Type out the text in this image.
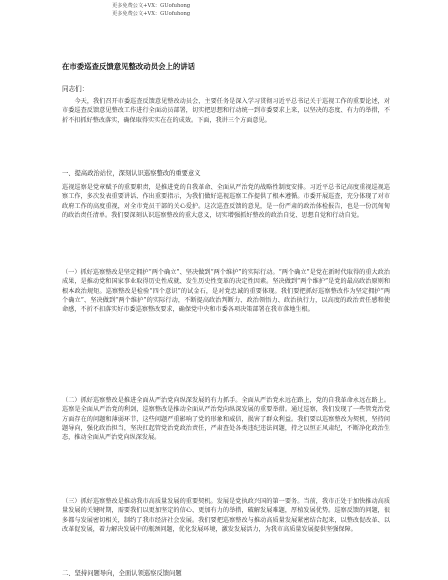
更多免费公文+VX：GUofuhong
更多免费公文+VX：GUofuhong
在市委巡查反馈意见整改动员会上的讲话
同志们：
今天，我们召开市委巡查反馈意见整改动员会，主要任务是深入学习贯彻习近平总书记关于巡视工作的重要论述，对市委巡查反馈意见整改工作进行全面动员部署，切实把思想和行动统一到市委要求上来，以坚决的态度、有力的举措，不折不扣抓好整改落实，确保取得实实在在的成效。下面，我讲三个方面意见。
一、提高政治站位，深刻认识巡察整改的重要意义
巡视巡察是党章赋予的重要职责，是推进党的自我革命、全面从严治党的战略性制度安排。习近平总书记高度重视巡视巡察工作，多次发表重要讲话、作出重要指示，为我们做好巡视巡察工作提供了根本遵循。市委开展巡查，充分体现了对市政府工作的高度重视，对全市党员干部的关心爱护。这次巡查反馈的意见，是一份严肃的政治体检报告，也是一份沉甸甸的政治责任清单。我们要深刻认识巡察整改的重大意义，切实增强抓好整改的政治自觉、思想自觉和行动自觉。
（一）抓好巡察整改是坚定拥护“两个确立”、坚决做到“两个维护”的实际行动。“两个确立”是党在新时代取得的重大政治成果，是推动党和国家事业取得历史性成就、发生历史性变革的决定性因素。坚决做到“两个维护”是党的最高政治原则和根本政治规矩。巡察整改是检验“四个意识”的试金石，是对党忠诚的重要体现。我们要把抓好巡察整改作为坚定拥护“两个确立”、坚决做到“两个维护”的实际行动，不断提高政治判断力、政治领悟力、政治执行力，以高度的政治责任感和使命感，不折不扣落实好市委巡察整改要求，确保党中央和市委各项决策部署在我市落地生根。
（二）抓好巡察整改是推进全面从严治党向纵深发展的有力抓手。全面从严治党永远在路上，党的自我革命永远在路上。巡察是全面从严治党的利剑，巡察整改是推动全面从严治党向纵深发展的重要举措。通过巡察，我们发现了一些管党治党方面存在的问题和薄弱环节，这些问题严重影响了党的形象和威信，损害了群众利益。我们要以巡察整改为契机，坚持问题导向，强化政治担当，坚决扛起管党治党政治责任，严肃查处各类违纪违法问题，持之以恒正风肃纪，不断净化政治生态，推动全面从严治党向纵深发展。
（三）抓好巡察整改是推动我市高质量发展的重要契机。发展是党执政兴国的第一要务。当前，我市正处于加快推动高质量发展的关键时期，需要我们以更加坚定的信心、更加有力的举措，破解发展难题，厚植发展优势。巡察反馈的问题，很多都与发展密切相关，制约了我市经济社会发展。我们要把巡察整改与推动高质量发展紧密结合起来，以整改促改革、以改革促发展，着力解决发展中的瓶颈问题，优化发展环境，激发发展活力，为我市高质量发展提供坚强保障。
二、坚持问题导向，全面认领巡察反馈问题
